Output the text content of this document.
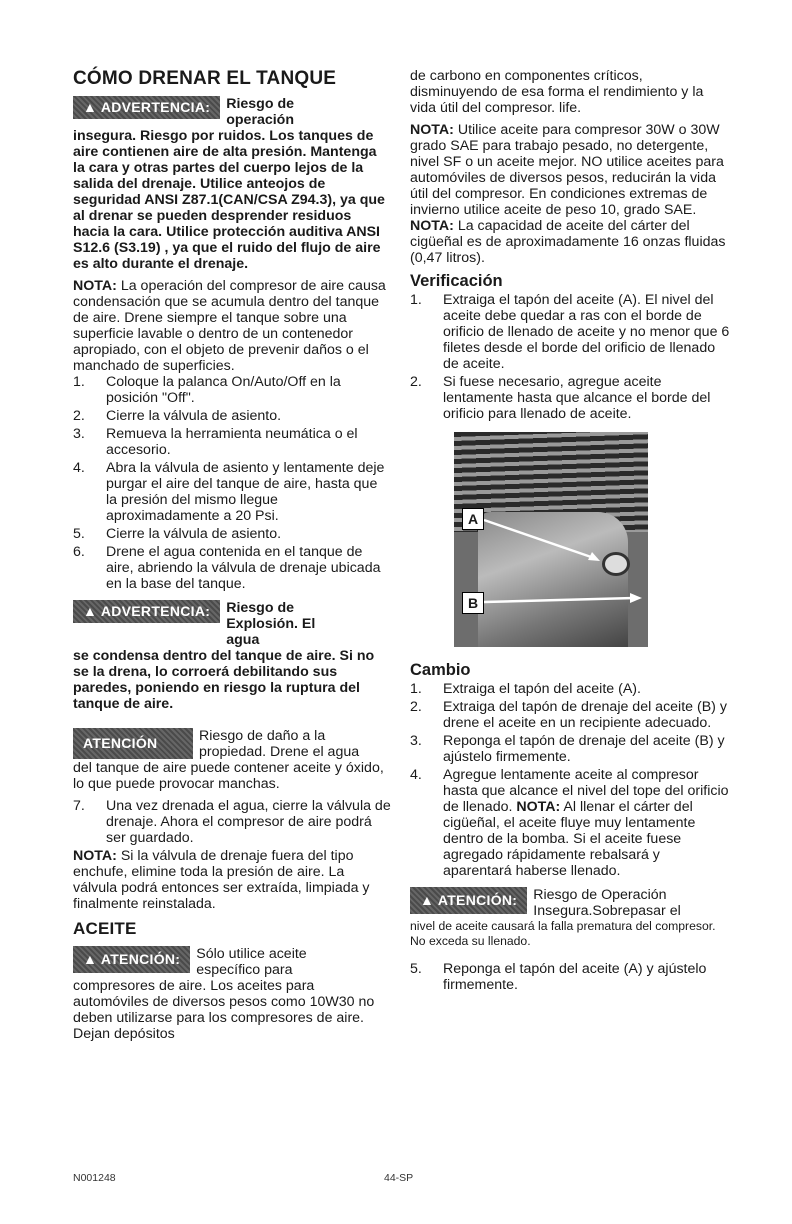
CÓMO DRENAR EL TANQUE
▲ ADVERTENCIA:	Riesgo de operación

insegura. Riesgo por ruidos. Los tanques de aire contienen aire de alta presión. Mantenga la cara y otras partes del cuerpo lejos de la salida del drenaje. Utilice anteojos de seguridad ANSI Z87.1(CAN/CSA Z94.3), ya que al drenar se pueden desprender residuos hacia la cara. Utilice protección auditiva ANSI S12.6 (S3.19) , ya que el ruido del flujo de aire es alto durante el drenaje.

NOTA: La operación del compresor de aire causa condensación que se acumula dentro del tanque de aire. Drene siempre el tanque sobre una superficie lavable o dentro de un contenedor apropiado, con el objeto de prevenir daños o el manchado de superficies.

1.	Coloque la palanca On/Auto/Off en la posición "Off".
2.	Cierre la válvula de asiento.
3.	Remueva la herramienta neumática o el accesorio.
4.	Abra la válvula de asiento y lentamente deje purgar el aire del tanque de aire, hasta que la presión del mismo llegue aproximadamente a 20 Psi.
5.	Cierre la válvula de asiento.
6.	Drene el agua contenida en el tanque de aire, abriendo la válvula de drenaje ubicada en la base del tanque.
▲ ADVERTENCIA:	Riesgo de Explosión. El agua

se condensa dentro del tanque de aire. Si no se la drena, lo corroerá debilitando sus paredes, poniendo en riesgo la ruptura del tanque de aire.

ATENCIÓN	Riesgo de daño a la propiedad. Drene el agua

del tanque de aire puede contener aceite y óxido, lo que puede provocar manchas.

7.	Una vez drenada el agua, cierre la válvula de drenaje. Ahora el compresor de aire podrá ser guardado.

NOTA: Si la válvula de drenaje fuera del tipo enchufe, elimine toda la presión de aire. La válvula podrá entonces ser extraída, limpiada y finalmente reinstalada.

ACEITE
▲ ATENCIÓN:	Sólo utilice aceite específico para

compresores de aire. Los aceites para automóviles de diversos pesos como 10W30 no deben utilizarse para los compresores de aire. Dejan depósitos

de carbono en componentes críticos, disminuyendo de esa forma el rendimiento y la vida útil del compresor. life.

NOTA: Utilice aceite para compresor 30W o 30W grado SAE para trabajo pesado, no detergente, nivel SF o un aceite mejor. NO utilice aceites para automóviles de diversos pesos, reducirán la vida útil del compresor. En condiciones extremas de invierno utilice aceite de peso 10, grado SAE.

NOTA: La capacidad de aceite del cárter del cigüeñal es de aproximadamente 16 onzas fluidas (0,47 litros).

Verificación
1.	Extraiga el tapón del aceite (A). El nivel del aceite debe quedar a ras con el borde de orificio de llenado de aceite y no menor que 6 filetes desde el borde del orificio de llenado de aceite.
2.	Si fuese necesario, agregue aceite lentamente hasta que alcance el borde del orificio para llenado de aceite.
A
B
Cambio
1.	Extraiga el tapón del aceite (A).
2.	Extraiga del tapón de drenaje del aceite (B) y drene el aceite en un recipiente adecuado.
3.	Reponga el tapón de drenaje del aceite (B) y ajústelo firmemente.
4.	Agregue lentamente aceite al compresor hasta que alcance el nivel del tope del orificio de llenado. NOTA: Al llenar el cárter del cigüeñal, el aceite fluye muy lentamente dentro de la bomba. Si el aceite fuese agregado rápidamente rebalsará y aparentará haberse llenado.
▲ ATENCIÓN:	Riesgo de Operación Insegura.Sobrepasar el

nivel de aceite causará la falla prematura del compresor. No exceda su llenado.

5.	Reponga el tapón del aceite (A) y ajústelo firmemente.
N001248	44-SP
